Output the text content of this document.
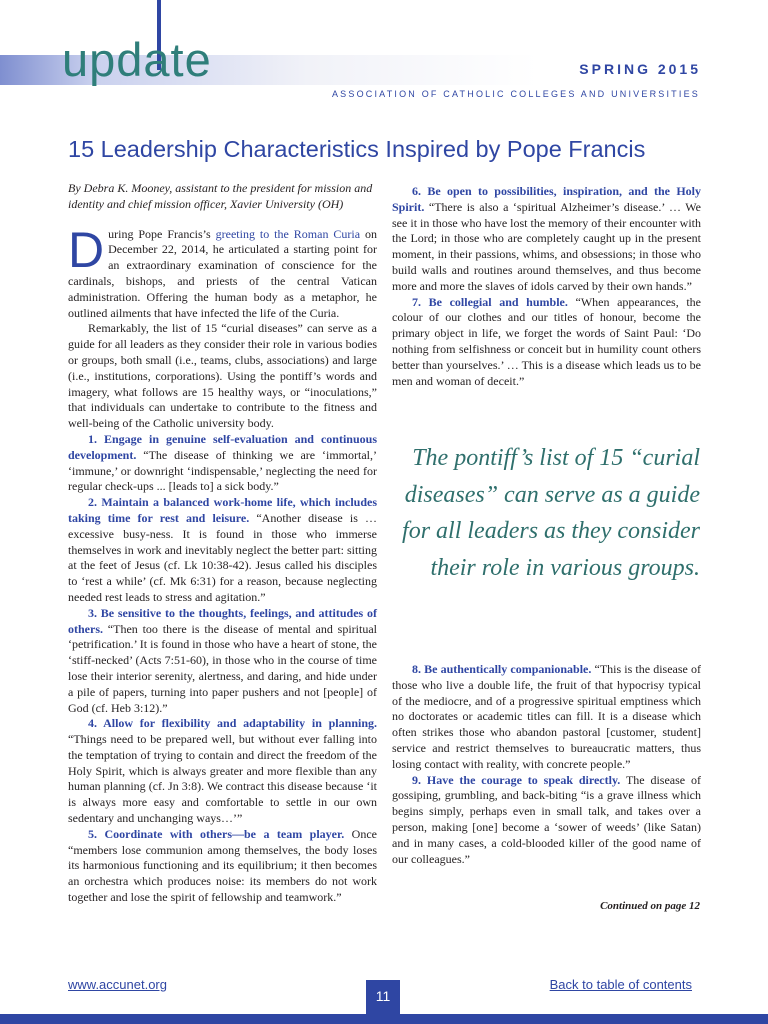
update	SPRING 2015
ASSOCIATION OF CATHOLIC COLLEGES AND UNIVERSITIES
15 Leadership Characteristics Inspired by Pope Francis

By Debra K. Mooney, assistant to the president for mission and identity and chief mission officer, Xavier University (OH)

During Pope Francis’s greeting to the Roman Curia on December 22, 2014, he articulated a starting point for an extraordinary examination of conscience for the cardinals, bishops, and priests of the central Vatican administration. Offering the human body as a metaphor, he outlined ailments that have infected the life of the Curia.

Remarkably, the list of 15 “curial diseases” can serve as a guide for all leaders as they consider their role in various bodies or groups, both small (i.e., teams, clubs, associations) and large (i.e., institutions, corporations). Using the pontiff’s words and imagery, what follows are 15 healthy ways, or “inoculations,” that individuals can undertake to contribute to the fitness and well-being of the Catholic university body.

1. Engage in genuine self-evaluation and continuous development. “The disease of thinking we are ‘immortal,’ ‘immune,’ or downright ‘indispensable,’ neglecting the need for regular check-ups ... [leads to] a sick body.”

2. Maintain a balanced work-home life, which includes taking time for rest and leisure. “Another disease is … excessive busy-ness. It is found in those who immerse themselves in work and inevitably neglect the better part: sitting at the feet of Jesus (cf. Lk 10:38-42). Jesus called his disciples to ‘rest a while’ (cf. Mk 6:31) for a reason, because neglecting needed rest leads to stress and agitation.”

3. Be sensitive to the thoughts, feelings, and attitudes of others. “Then too there is the disease of mental and spiritual ‘petrification.’ It is found in those who have a heart of stone, the ‘stiff-necked’ (Acts 7:51-60), in those who in the course of time lose their interior serenity, alertness, and daring, and hide under a pile of papers, turning into paper pushers and not [people] of God (cf. Heb 3:12).”

4. Allow for flexibility and adaptability in planning. “Things need to be prepared well, but without ever falling into the temptation of trying to contain and direct the freedom of the Holy Spirit, which is always greater and more flexible than any human planning (cf. Jn 3:8). We contract this disease because ‘it is always more easy and comfortable to settle in our own sedentary and unchanging ways…’”

5. Coordinate with others—be a team player. Once “members lose communion among themselves, the body loses its harmonious functioning and its equilibrium; it then becomes an orchestra which produces noise: its members do not work together and lose the spirit of fellowship and teamwork.”

6. Be open to possibilities, inspiration, and the Holy Spirit. “There is also a ‘spiritual Alzheimer’s disease.’ … We see it in those who have lost the memory of their encounter with the Lord; in those who are completely caught up in the present moment, in their passions, whims, and obsessions; in those who build walls and routines around themselves, and thus become more and more the slaves of idols carved by their own hands.”

7. Be collegial and humble. “When appearances, the colour of our clothes and our titles of honour, become the primary object in life, we forget the words of Saint Paul: ‘Do nothing from selfishness or conceit but in humility count others better than yourselves.’ … This is a disease which leads us to be men and woman of deceit.”

The pontiff’s list of 15 “curial diseases” can serve as a guide for all leaders as they consider their role in various groups.

8. Be authentically companionable. “This is the disease of those who live a double life, the fruit of that hypocrisy typical of the mediocre, and of a progressive spiritual emptiness which no doctorates or academic titles can fill. It is a disease which often strikes those who abandon pastoral [customer, student] service and restrict themselves to bureaucratic matters, thus losing contact with reality, with concrete people.”

9. Have the courage to speak directly. The disease of gossiping, grumbling, and back-biting “is a grave illness which begins simply, perhaps even in small talk, and takes over a person, making [one] become a ‘sower of weeds’ (like Satan) and in many cases, a cold-blooded killer of the good name of our colleagues.”

Continued on page 12
www.accunet.org	Back to table of contents
11
